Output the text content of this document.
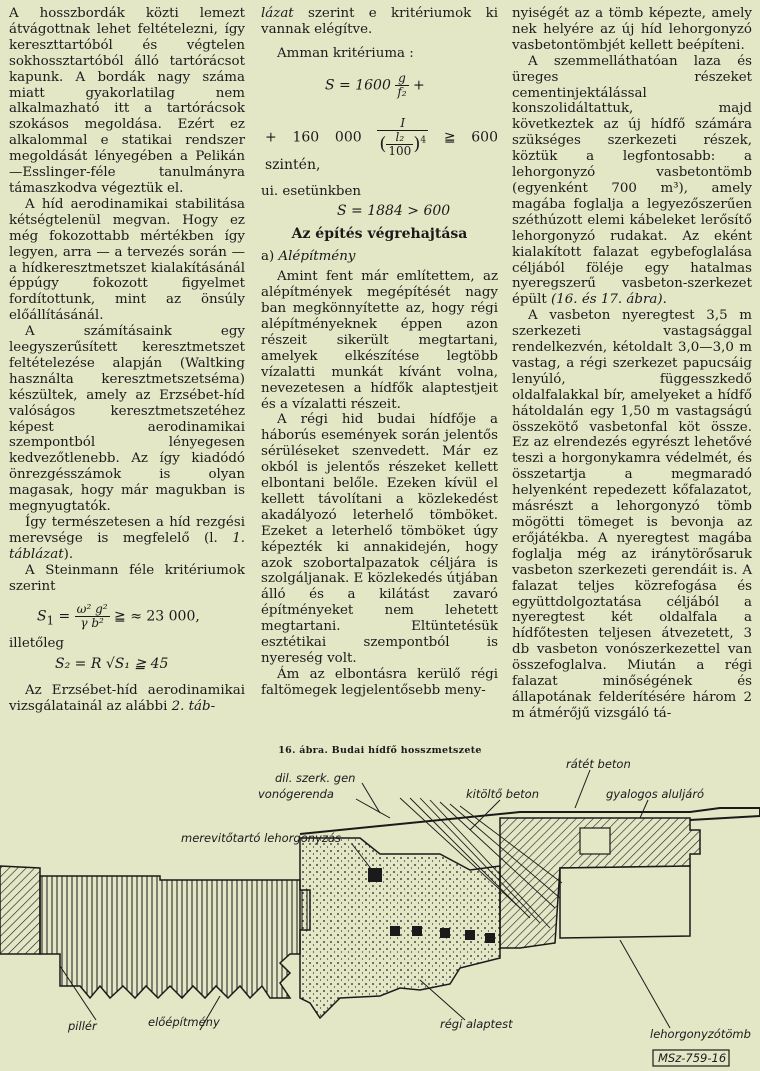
A hosszbordák közti lemezt átvágottnak lehet feltételezni, így kereszttartóból és végtelen sokhossztartóból álló tartórácsot kapunk. A bordák nagy száma miatt gyakorlatilag nem alkalmazható itt a tartórácsok szokásos megoldása. Ezért ez alkalommal e statikai rendszer megoldását lényegében a Pelikán—Esslinger-féle tanulmányra támaszkodva végeztük el.

A híd aerodinamikai stabilitása kétségtelenül megvan. Hogy ez még fokozottabb mértékben így legyen, arra — a tervezés során — a hídkeresztmetszet kialakításánál éppúgy fokozott figyelmet fordítottunk, mint az önsúly előállításánál.

A számításaink egy leegyszerűsített keresztmetszet feltételezése alapján (Waltking használta keresztmetszetséma) készültek, amely az Erzsébet-híd valóságos keresztmetszetéhez képest aerodinamikai szempontból lényegesen kedvezőtlenebb. Az így kiadódó önrezgésszámok is olyan magasak, hogy már magukban is megnyugtatók.

Így természetesen a híd rezgési merevsége is megfelelő (l. 1. táblázat).

A Steinmann féle kritériumok szerint

$S_1 = \frac{\text{ω² g²}}{\text{γ b²}}$ ≧ ≈ 23 000,

illetőleg

S₂ = R √S₁ ≧ 45

Az Erzsébet-híd aerodinamikai vizsgálatainál az alábbi 2. táb-

lázat szerint e kritériumok ki vannak elégítve.

Amman kritériuma :

$S = 1600 \frac{g}{\text{f₂}}$ +
+ 160 $000 \frac{I}{( \frac{\text{l₂}}{100} )^4}$ ≧ 600 szintén,

ui. esetünkben

S = 1884 > 600

Az építés végrehajtása

a) Alépítmény

Amint fent már említettem, az alépítmények megépítését nagy ban megkönnyítette az, hogy régi alépítményeknek éppen azon részeit sikerült megtartani, amelyek elkészítése legtöbb vízalatti munkát kívánt volna, nevezetesen a hídfők alaptestjeit és a vízalatti részeit.

A régi hid budai hídfője a háborús események során jelentős sérüléseket szenvedett. Már ez okból is jelentős részeket kellett elbontani belőle. Ezeken kívül el kellett távolítani a közlekedést akadályozó leterhelő tömböket. Ezeket a leterhelő tömböket úgy képezték ki annakidején, hogy azok szobortalpazatok céljára is szolgáljanak. E közlekedés útjában álló és a kilátást zavaró építményeket nem lehetett megtartani. Eltüntetésük esztétikai szempontból is nyereség volt.

Ám az elbontásra kerülő régi faltömegek legjelentősebb meny-

nyiségét az a tömb képezte, amely nek helyére az új híd lehorgonyzó vasbetontömbjét kellett beépíteni.

A szemmelláthatóan laza és üreges részeket cementinjektálással konszolidáltattuk, majd következtek az új hídfő számára szükséges szerkezeti részek, köztük a legfontosabb: a lehorgonyzó vasbetontömb (egyenként 700 m³), amely magába foglalja a legyezőszerűen széthúzott elemi kábeleket lerősítő lehorgonyzó rudakat. Az eként kialakított falazat egybefoglalása céljából föléje egy hatalmas nyeregszerű vasbeton-szerkezet épült (16. és 17. ábra).

A vasbeton nyeregtest 3,5 m szerkezeti vastagsággal rendelkezvén, kétoldalt 3,0—3,0 m vastag, a régi szerkezet papucsáig lenyúló, függesszkedő oldalfalakkal bír, amelyeket a hídfő hátoldalán egy 1,50 m vastagságú összekötő vasbetonfal köt össze. Ez az elrendezés egyrészt lehetővé teszi a horgonykamra védelmét, és összetartja a megmaradó helyenként repedezett kőfalazatot, másrészt a lehorgonyzó tömb mögötti tömeget is bevonja az erőjátékba. A nyeregtest magába foglalja még az iránytörősaruk vasbeton szerkezeti gerendáit is. A falazat teljes közrefogása és együttdolgoztatása céljából a nyeregtest két oldalfala a hídfőtesten teljesen átvezetett, 3 db vasbeton vonószerkezettel van összefoglalva. Miután a régi falazat minőségének és állapotának felderítésére három 2 m átmérőjű vizsgáló tá-

16. ábra. Budai hídfő hosszmetszete
dil. szerk. gen
vonógerenda
merevitőtartó lehorgonyzás
kitöltő beton
rátét beton
gyalogos aluljáró
pillér	előépítmény	régi alaptest
lehorgonyzótömb
MSz-759-16
